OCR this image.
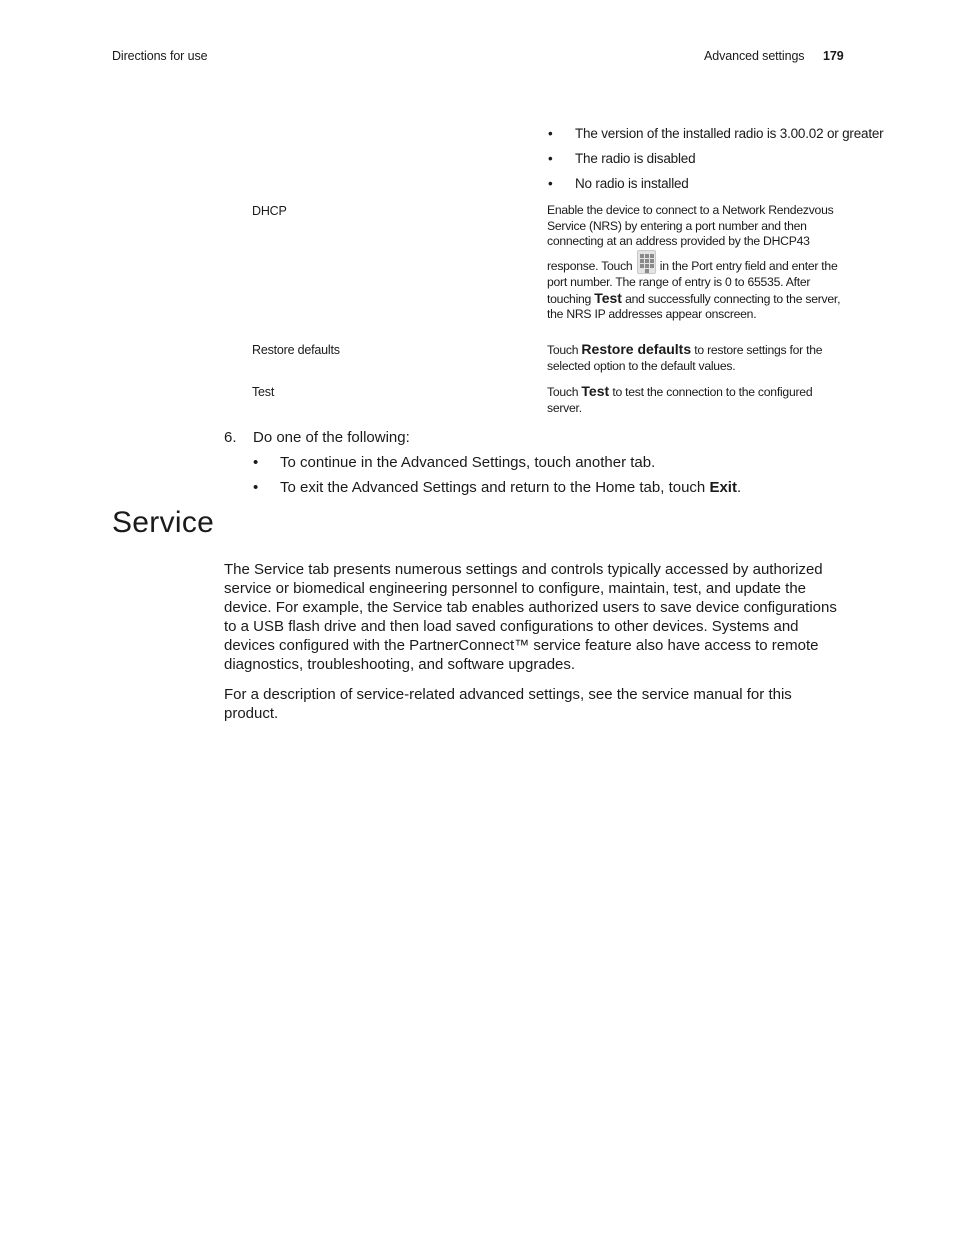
Directions for use	Advanced settings 179
• The version of the installed radio is 3.00.02 or greater
• The radio is disabled
• No radio is installed
DHCP	Enable the device to connect to a Network Rendezvous Service (NRS) by entering a port number and then connecting at an address provided by the DHCP43 response. Touch in the Port entry field and enter the port number. The range of entry is 0 to 65535. After touching Test and successfully connecting to the server, the NRS IP addresses appear onscreen.
Restore defaults	Touch Restore defaults to restore settings for the selected option to the default values.
Test	Touch Test to test the connection to the configured server.
6. Do one of the following:
• To continue in the Advanced Settings, touch another tab.
• To exit the Advanced Settings and return to the Home tab, touch Exit.
Service

The Service tab presents numerous settings and controls typically accessed by authorized service or biomedical engineering personnel to configure, maintain, test, and update the device. For example, the Service tab enables authorized users to save device configurations to a USB flash drive and then load saved configurations to other devices. Systems and devices configured with the PartnerConnect™ service feature also have access to remote diagnostics, troubleshooting, and software upgrades.

For a description of service-related advanced settings, see the service manual for this product.
